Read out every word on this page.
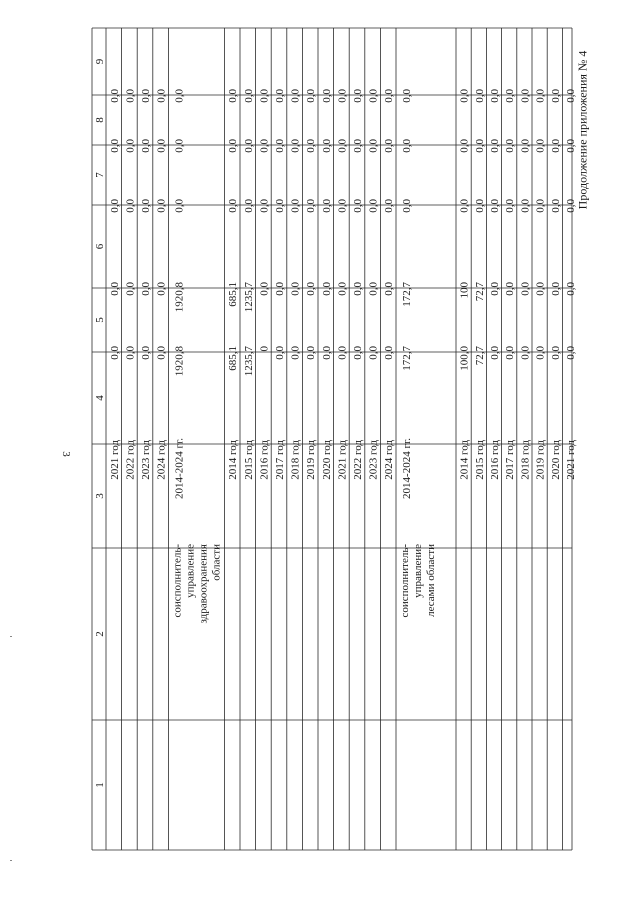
3
Продолжение приложения № 4
1
2
3
4
5
6
7
8
9
2021 год
0,0
0,0
0,0
0,0
0,0
2022 год
0,0
0,0
0,0
0,0
0,0
2023 год
0,0
0,0
0,0
0,0
0,0
2024 год
0,0
0,0
0,0
0,0
0,0
2014-2024 гг.
1920,8
1920,8
0,0
0,0
0,0
2014 год
685,1
685,1
0,0
0,0
0,0
2015 год
1235,7
1235,7
0,0
0,0
0,0
2016 год
0
0,0
0,0
0,0
0,0
2017 год
0,0
0,0
0,0
0,0
0,0
2018 год
0,0
0,0
0,0
0,0
0,0
2019 год
0,0
0,0
0,0
0,0
0,0
2020 год
0,0
0,0
0,0
0,0
0,0
2021 год
0,0
0,0
0,0
0,0
0,0
2022 год
0,0
0,0
0,0
0,0
0,0
2023 год
0,0
0,0
0,0
0,0
0,0
2024 год
0,0
0,0
0,0
0,0
0,0
2014-2024 гг.
172,7
172,7
0,0
0,0
0,0
2014 год
100,0
100
0,0
0,0
0,0
2015 год
72,7
72,7
0,0
0,0
0,0
2016 год
0,0
0,0
0,0
0,0
0,0
2017 год
0,0
0,0
0,0
0,0
0,0
2018 год
0,0
0,0
0,0
0,0
0,0
2019 год
0,0
0,0
0,0
0,0
0,0
2020 год
0,0
0,0
0,0
0,0
0,0
2021 год
0,0
0,0
0,0
0,0
0,0
соисполнитель- управление здравоохранения области	соисполнитель- управление лесами области
